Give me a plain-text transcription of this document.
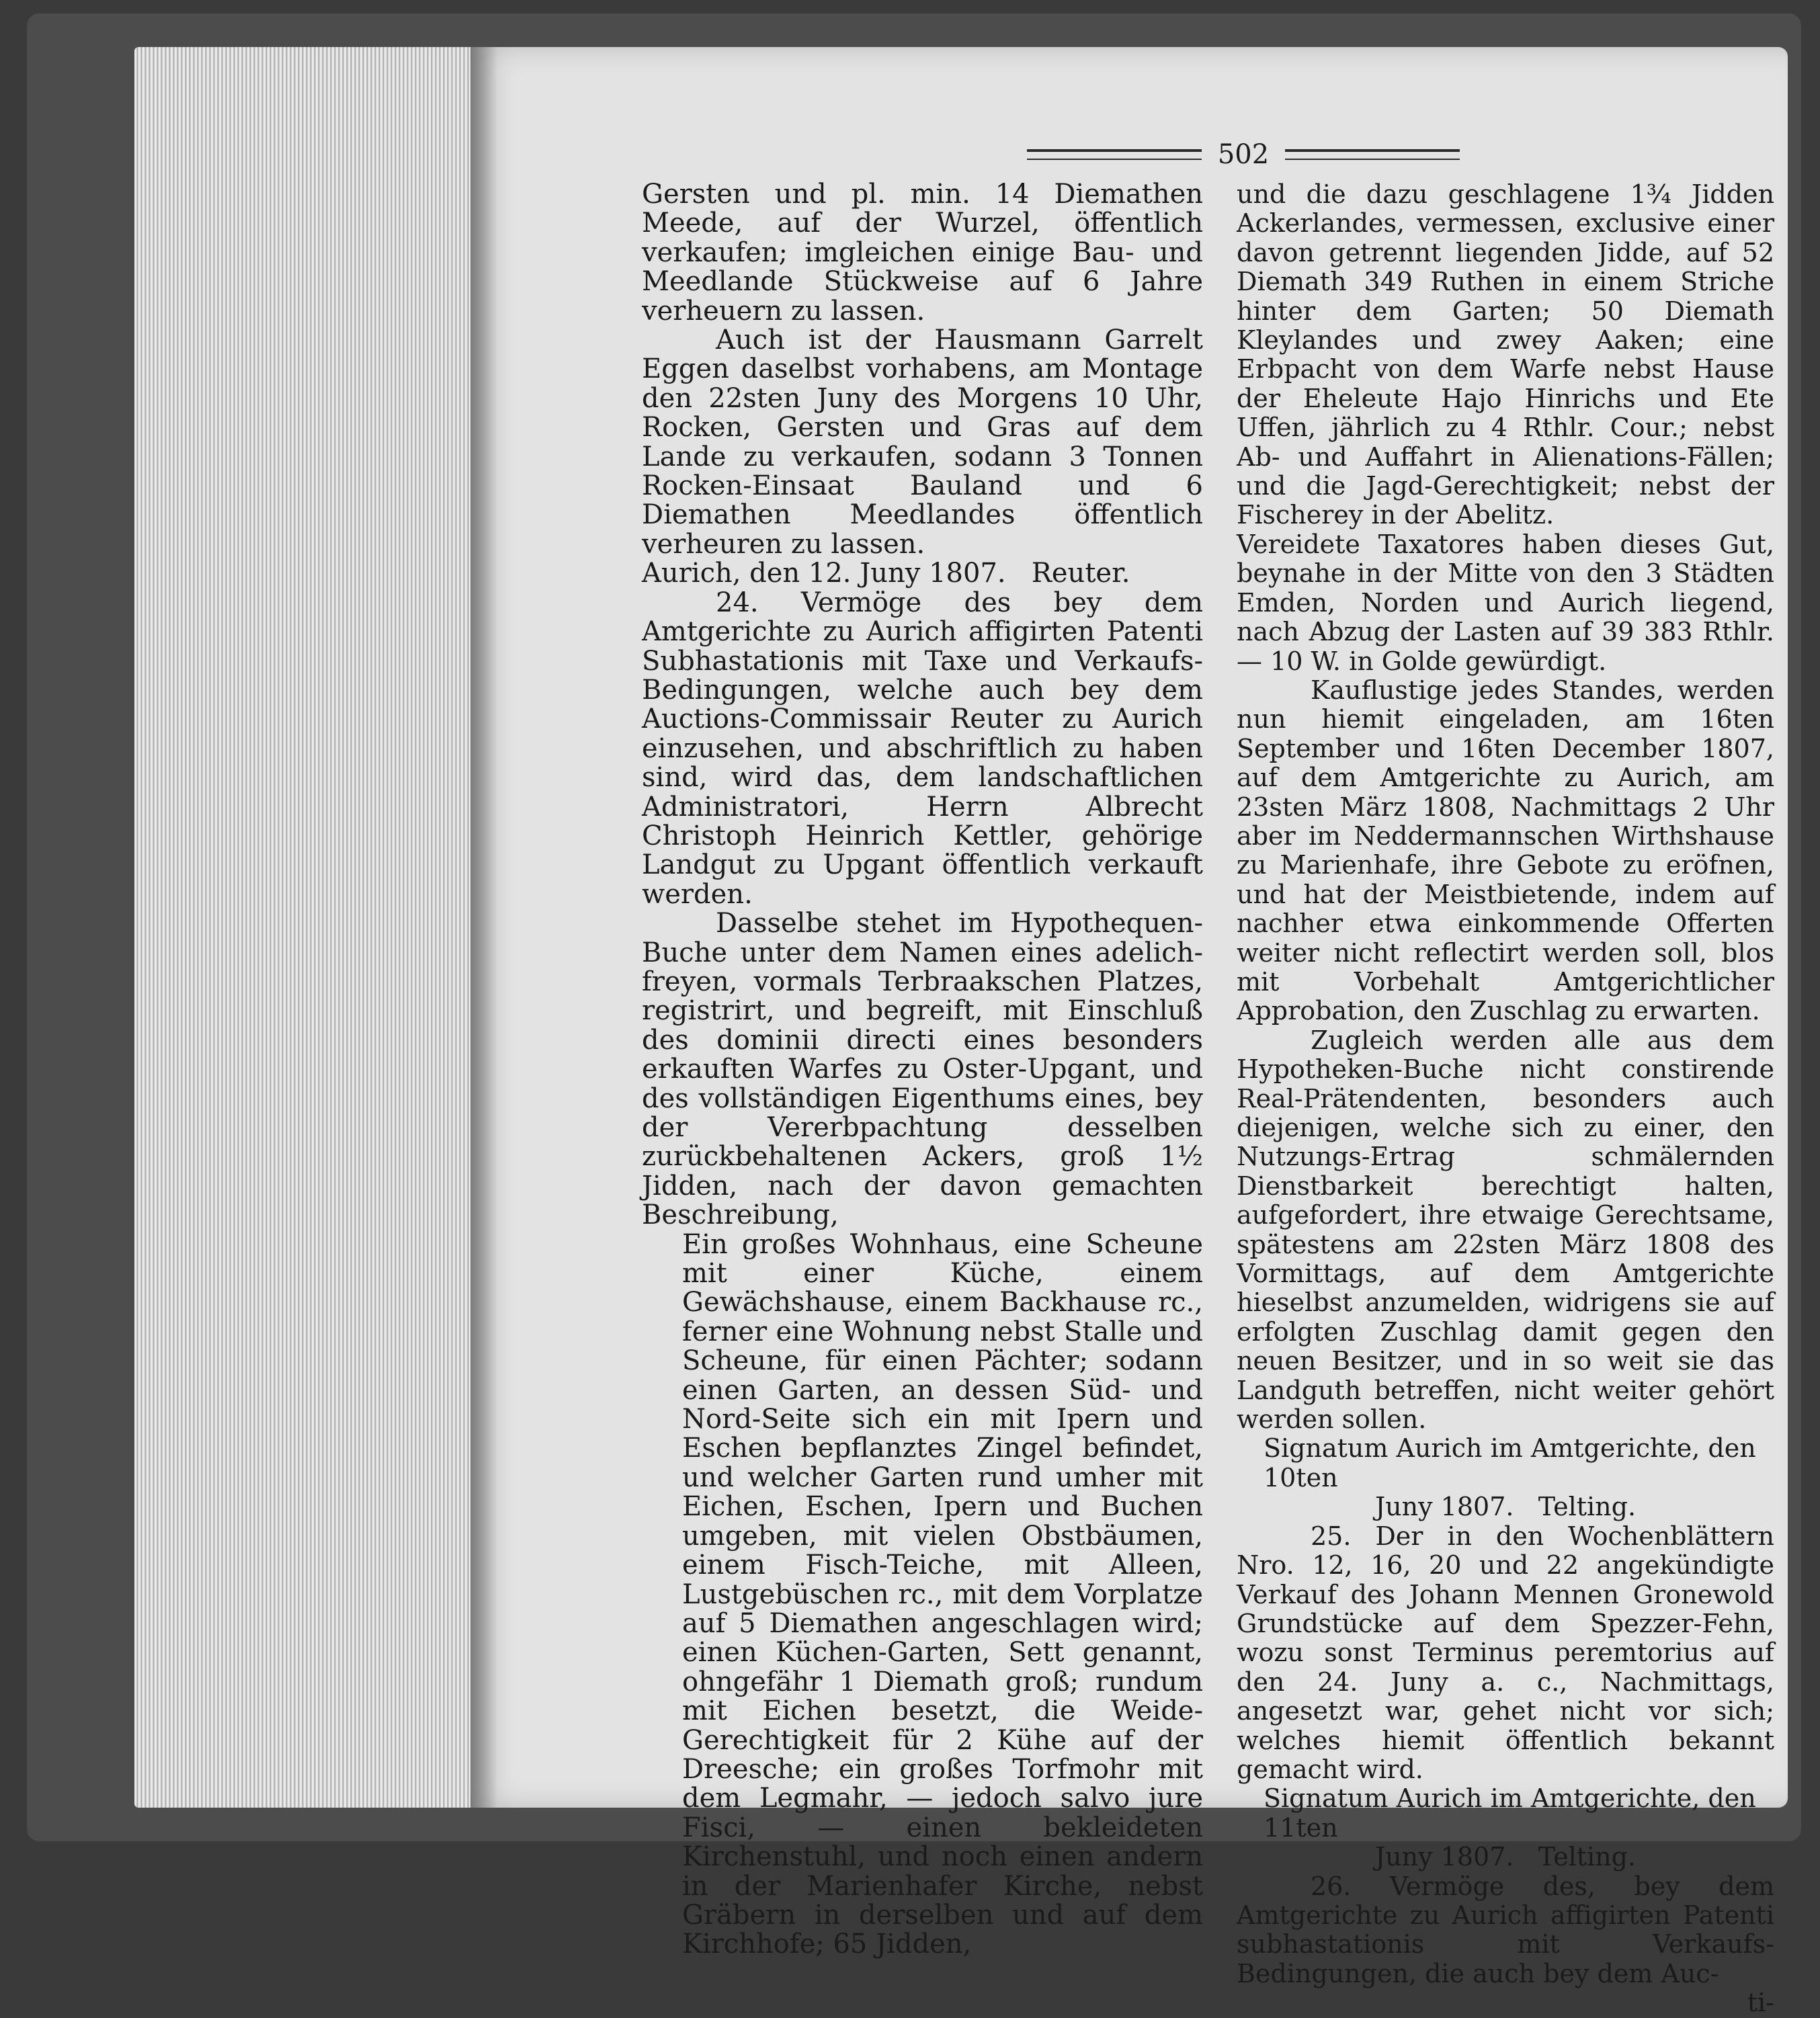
502

Gersten und pl. min. 14 Diemathen Meede, auf der Wurzel, öffentlich verkaufen; imgleichen einige Bau- und Meedlande Stückweise auf 6 Jahre verheuern zu lassen.

Auch ist der Hausmann Garrelt Eggen daselbst vorhabens, am Montage den 22sten Juny des Morgens 10 Uhr, Rocken, Gersten und Gras auf dem Lande zu verkaufen, sodann 3 Tonnen Rocken-Einsaat Bauland und 6 Diemathen Meedlandes öffentlich verheuren zu lassen.

Aurich, den 12. Juny 1807.   Reuter.

24. Vermöge des bey dem Amtgerichte zu Aurich affigirten Patenti Subhastationis mit Taxe und Verkaufs-Bedingungen, welche auch bey dem Auctions-Commissair Reuter zu Aurich einzusehen, und abschriftlich zu haben sind, wird das, dem landschaftlichen Administratori, Herrn Albrecht Christoph Heinrich Kettler, gehörige Landgut zu Upgant öffentlich verkauft werden.

Dasselbe stehet im Hypothequen-Buche unter dem Namen eines adelich-freyen, vormals Terbraakschen Platzes, registrirt, und begreift, mit Einschluß des dominii directi eines besonders erkauften Warfes zu Oster-Upgant, und des vollständigen Eigenthums eines, bey der Vererbpachtung desselben zurückbehaltenen Ackers, groß 1½ Jidden, nach der davon gemachten Beschreibung,

Ein großes Wohnhaus, eine Scheune mit einer Küche, einem Gewächshause, einem Backhause rc., ferner eine Wohnung nebst Stalle und Scheune, für einen Pächter; sodann einen Garten, an dessen Süd- und Nord-Seite sich ein mit Ipern und Eschen bepflanztes Zingel befindet, und welcher Garten rund umher mit Eichen, Eschen, Ipern und Buchen umgeben, mit vielen Obstbäumen, einem Fisch-Teiche, mit Alleen, Lustgebüschen rc., mit dem Vorplatze auf 5 Diemathen angeschlagen wird; einen Küchen-Garten, Sett genannt, ohngefähr 1 Diemath groß; rundum mit Eichen besetzt, die Weide-Gerechtigkeit für 2 Kühe auf der Dreesche; ein großes Torfmohr mit dem Legmahr, — jedoch salvo jure Fisci, — einen bekleideten Kirchenstuhl, und noch einen andern in der Marienhafer Kirche, nebst Gräbern in derselben und auf dem Kirchhofe; 65 Jidden,

und die dazu geschlagene 1¾ Jidden Ackerlandes, vermessen, exclusive einer davon getrennt liegenden Jidde, auf 52 Diemath 349 Ruthen in einem Striche hinter dem Garten; 50 Diemath Kleylandes und zwey Aaken; eine Erbpacht von dem Warfe nebst Hause der Eheleute Hajo Hinrichs und Ete Uffen, jährlich zu 4 Rthlr. Cour.; nebst Ab- und Auffahrt in Alienations-Fällen; und die Jagd-Gerechtigkeit; nebst der Fischerey in der Abelitz.

Vereidete Taxatores haben dieses Gut, beynahe in der Mitte von den 3 Städten Emden, Norden und Aurich liegend, nach Abzug der Lasten auf 39 383 Rthlr. — 10 W. in Golde gewürdigt.

Kauflustige jedes Standes, werden nun hiemit eingeladen, am 16ten September und 16ten December 1807, auf dem Amtgerichte zu Aurich, am 23sten März 1808, Nachmittags 2 Uhr aber im Neddermannschen Wirthshause zu Marienhafe, ihre Gebote zu eröfnen, und hat der Meistbietende, indem auf nachher etwa einkommende Offerten weiter nicht reflectirt werden soll, blos mit Vorbehalt Amtgerichtlicher Approbation, den Zuschlag zu erwarten.

Zugleich werden alle aus dem Hypotheken-Buche nicht constirende Real-Prätendenten, besonders auch diejenigen, welche sich zu einer, den Nutzungs-Ertrag schmälernden Dienstbarkeit berechtigt halten, aufgefordert, ihre etwaige Gerechtsame, spätestens am 22sten März 1808 des Vormittags, auf dem Amtgerichte hieselbst anzumelden, widrigens sie auf erfolgten Zuschlag damit gegen den neuen Besitzer, und in so weit sie das Landguth betreffen, nicht weiter gehört werden sollen.

Signatum Aurich im Amtgerichte, den 10ten

Juny 1807.   Telting.

25. Der in den Wochenblättern Nro. 12, 16, 20 und 22 angekündigte Verkauf des Johann Mennen Gronewold Grundstücke auf dem Spezzer-Fehn, wozu sonst Terminus peremtorius auf den 24. Juny a. c., Nachmittags, angesetzt war, gehet nicht vor sich; welches hiemit öffentlich bekannt gemacht wird.

Signatum Aurich im Amtgerichte, den 11ten

Juny 1807.   Telting.

26. Vermöge des, bey dem Amtgerichte zu Aurich affigirten Patenti subhastationis mit Verkaufs-Bedingungen, die auch bey dem Auc-

ti-
